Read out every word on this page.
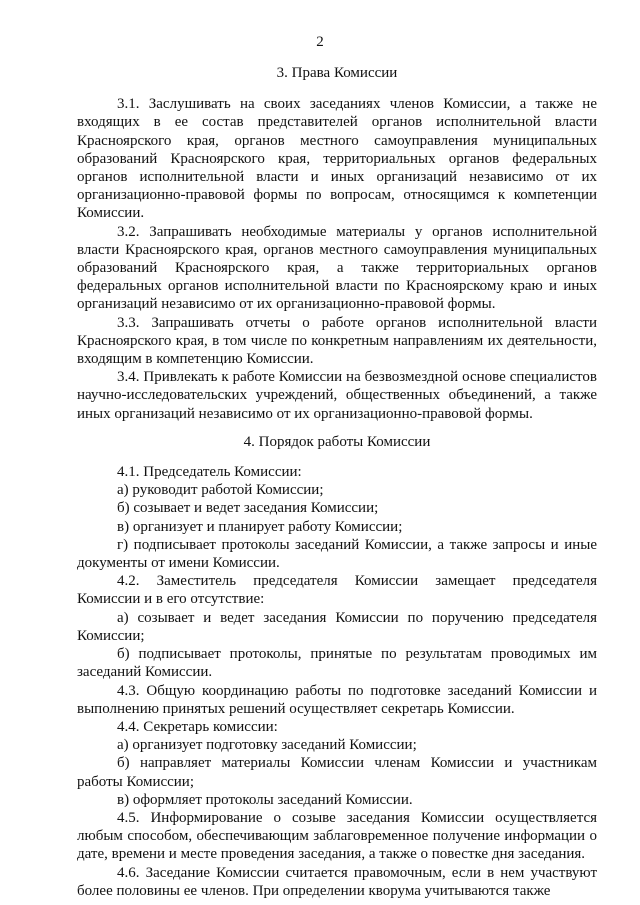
2
3. Права Комиссии

3.1. Заслушивать на своих заседаниях членов Комиссии, а также не входящих в ее состав представителей органов исполнительной власти Красноярского края, органов местного самоуправления муниципальных образований Красноярского края, территориальных органов федеральных органов исполнительной власти и иных организаций независимо от их организационно-правовой формы по вопросам, относящимся к компетенции Комиссии.

3.2. Запрашивать необходимые материалы у органов исполнительной власти Красноярского края, органов местного самоуправления муниципальных образований Красноярского края, а также территориальных органов федеральных органов исполнительной власти по Красноярскому краю и иных организаций независимо от их организационно-правовой формы.

3.3. Запрашивать отчеты о работе органов исполнительной власти Красноярского края, в том числе по конкретным направлениям их деятельности, входящим в компетенцию Комиссии.

3.4. Привлекать к работе Комиссии на безвозмездной основе специалистов научно-исследовательских учреждений, общественных объединений, а также иных организаций независимо от их организационно-правовой формы.

4. Порядок работы Комиссии

4.1. Председатель Комиссии:

а) руководит работой Комиссии;

б) созывает и ведет заседания Комиссии;

в) организует и планирует работу Комиссии;

г) подписывает протоколы заседаний Комиссии, а также запросы и иные документы от имени Комиссии.

4.2. Заместитель председателя Комиссии замещает председателя Комиссии и в его отсутствие:

а) созывает и ведет заседания Комиссии по поручению председателя Комиссии;

б) подписывает протоколы, принятые по результатам проводимых им заседаний Комиссии.

4.3. Общую координацию работы по подготовке заседаний Комиссии и выполнению принятых решений осуществляет секретарь Комиссии.

4.4. Секретарь комиссии:

а) организует подготовку заседаний Комиссии;

б) направляет материалы Комиссии членам Комиссии и участникам работы Комиссии;

в) оформляет протоколы заседаний Комиссии.

4.5. Информирование о созыве заседания Комиссии осуществляется любым способом, обеспечивающим заблаговременное получение информации о дате, времени и месте проведения заседания, а также о повестке дня заседания.

4.6. Заседание Комиссии считается правомочным, если в нем участвуют более половины ее членов. При определении кворума учитываются также
